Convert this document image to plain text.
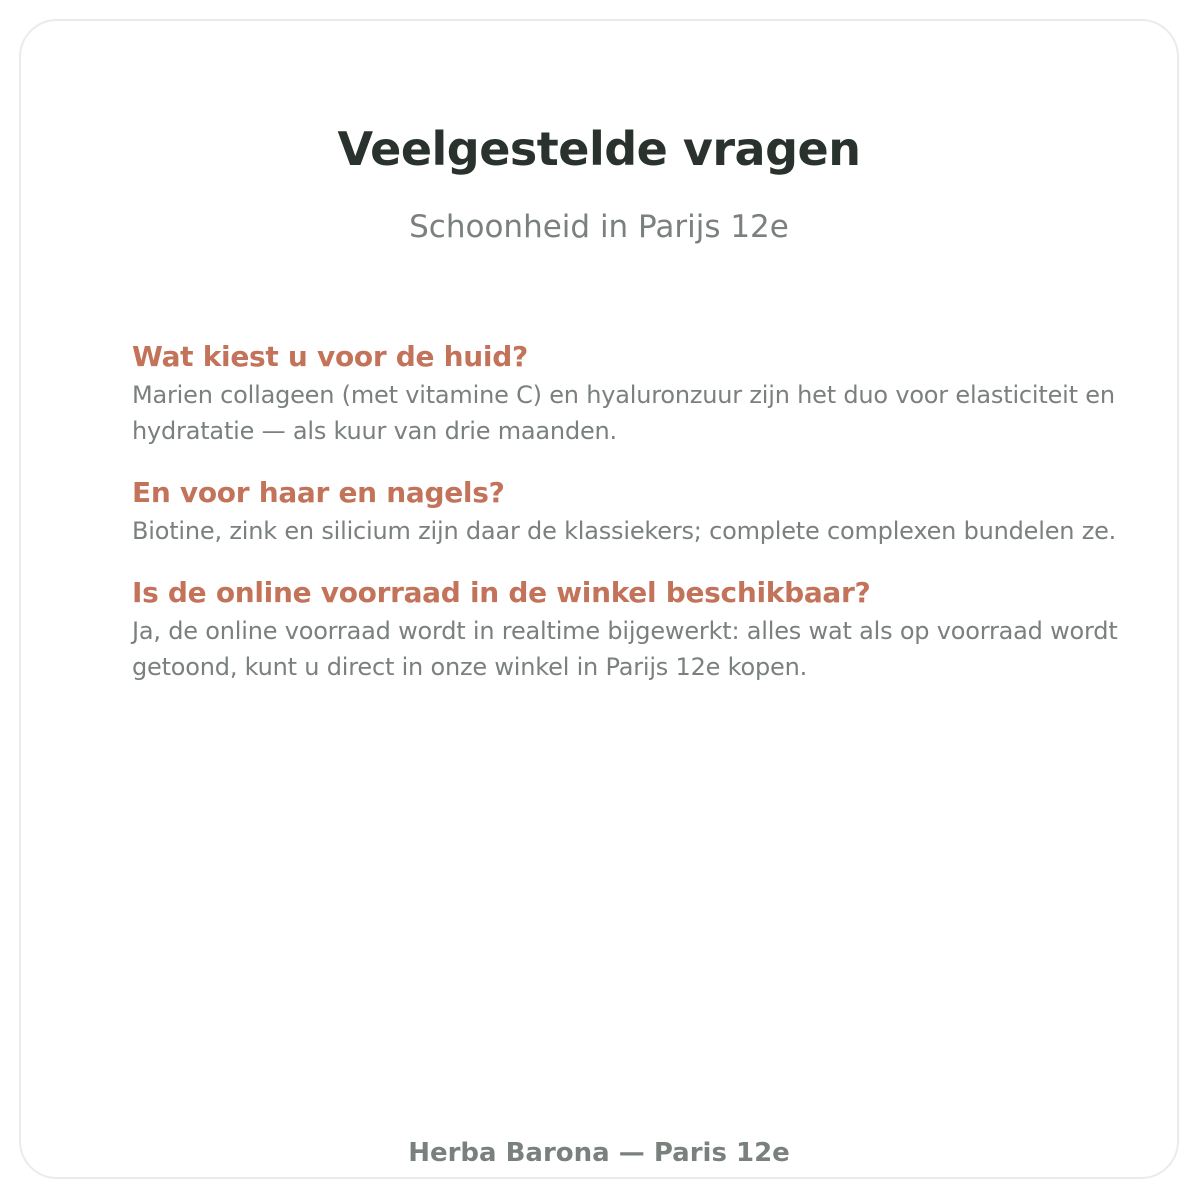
Veelgestelde vragen

Schoonheid in Parijs 12e

Wat kiest u voor de huid?

Marien collageen (met vitamine C) en hyaluronzuur zijn het duo voor elasticiteit en hydratatie — als kuur van drie maanden.

En voor haar en nagels?

Biotine, zink en silicium zijn daar de klassiekers; complete complexen bundelen ze.

Is de online voorraad in de winkel beschikbaar?

Ja, de online voorraad wordt in realtime bijgewerkt: alles wat als op voorraad wordt getoond, kunt u direct in onze winkel in Parijs 12e kopen.

Herba Barona — Paris 12e
